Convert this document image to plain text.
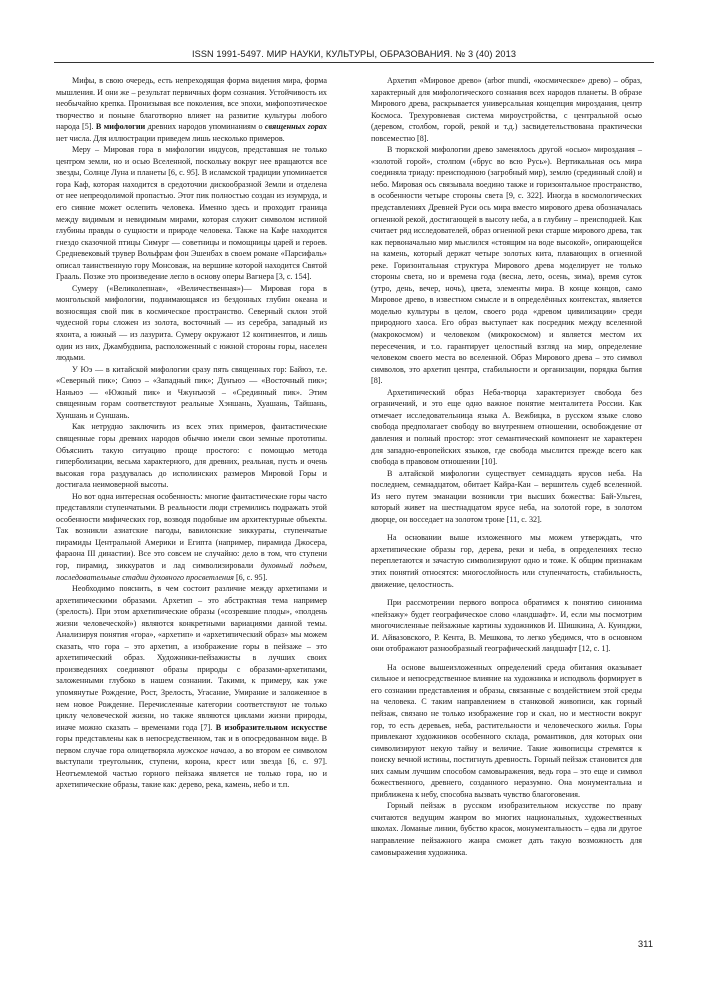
ISSN 1991-5497. МИР НАУКИ, КУЛЬТУРЫ, ОБРАЗОВАНИЯ. № 3 (40) 2013

Мифы, в свою очередь, есть непреходящая форма видения мира, форма мышления. И они же – результат первичных форм сознания. Устойчивость их необычайно крепка. Пронизывая все поколения, все эпохи, мифопоэтическое творчество и поныне благотворно влияет на развитие культуры любого народа [5]. В мифологии древних народов упоминаниям о священных горах нет числа. Для иллюстрации приведем лишь несколько примеров.

Меру – Мировая гора в мифологии индусов, представшая не только центром земли, но и осью Вселенной, поскольку вокруг нее вращаются все звезды, Солнце Луна и планеты [6, с. 95]. В исламской традиции упоминается гора Каф, которая находится в средоточии дискообразной Земли и отделена от нее непреодолимой пропастью. Этот пик полностью создан из изумруда, и его сияние может ослепить человека. Именно здесь и проходит граница между видимым и невидимым мирами, которая служит символом истиной глубины правды о сущности и природе человека. Также на Кафе находится гнездо сказочной птицы Симург — советницы и помощницы царей и героев. Средневековый трувер Вольфрам фон Эшенбах в своем романе «Парсифаль» описал таинственную гору Монсоваж, на вершине которой находится Святой Грааль. Позже это произведение легло в основу оперы Вагнера [3, с. 154].

Сумеру («Великолепная», «Величественная»)— Мировая гора в монгольской мифологии, поднимающаяся из бездонных глубин океана и возносящая свой пик в космическое пространство. Северный склон этой чудесной горы сложен из золота, восточный — из серебра, западный из яхонта, а южный — из лазурита. Сумеру окружают 12 континентов, и лишь один из них, Джамбудвипа, расположенный с южной стороны горы, населен людьми.

У Юэ — в китайской мифологии сразу пять священных гор: Байюэ, т.е. «Северный пик»; Сиюэ – «Западный пик»; Дунъюэ — «Восточный пик»; Наньюэ — «Южный пик» и Чжунъюэй – «Срединный пик». Этим священным горам соответствуют реальные Хэншань, Хуашань, Тайшань, Хуншань и Суншань.

Как нетрудно заключить из всех этих примеров, фантастические священные горы древних народов обычно имели свои земные прототипы. Объяснить такую ситуацию проще простого: с помощью метода гиперболизации, весьма характерного, для древних, реальная, пусть и очень высокая гора раздувалась до исполинских размеров Мировой Горы и достигала неимоверной высоты.

Но вот одна интересная особенность: многие фантастические горы часто представляли ступенчатыми. В реальности люди стремились подражать этой особенности мифических гор, возводя подобные им архитектурные объекты. Так возникли азиатские пагоды, вавилонские зиккураты, ступенчатые пирамиды Центральной Америки и Египта (например, пирамида Джосера, фараона III династии). Все это совсем не случайно: дело в том, что ступени гор, пирамид, зиккуратов и лад символизировали духовный подъем, последовательные стадии духовного просветления [6, с. 95].

Необходимо пояснить, в чем состоит различие между архетипами и архетипическими образами. Архетип – это абстрактная тема например (зрелость). При этом архетипические образы («созревшие плоды», «полдень жизни человеческой») являются конкретными вариациями данной темы. Анализируя понятия «гора», «архетип» и «архетипический образ» мы можем сказать, что гора – это архетип, а изображение горы в пейзаже – это архетипический образ. Художники-пейзажисты в лучших своих произведениях соединяют образы природы с образами-архетипами, заложенными глубоко в нашем сознании. Такими, к примеру, как уже упомянутые Рождение, Рост, Зрелость, Угасание, Умирание и заложенное в нем новое Рождение. Перечисленные категории соответствуют не только циклу человеческой жизни, но также являются циклами жизни природы, иначе можно сказать – временами года [7]. В изобразительном искусстве горы представлены как в непосредственном, так и в опосредованном виде. В первом случае гора олицетворяла мужское начало, а во втором ее символом выступали треугольник, ступени, корона, крест или звезда [6, с. 97]. Неотъемлемой частью горного пейзажа является не только гора, но и архетипические образы, такие как: дерево, река, камень, небо и т.п.

Архетип «Мировое древо» (arbor mundi, «космическое» древо) – образ, характерный для мифологического сознания всех народов планеты. В образе Мирового древа, раскрывается универсальная концепция мироздания, центр Космоса. Трехуровневая система мироустройства, с центральной осью (деревом, столбом, горой, рекой и т.д.) засвидетельствована практически повсеместно [8].

В тюркской мифологии древо заменялось другой «осью» мироздания – «золотой горой», столпом («брус во всю Русь»). Вертикальная ось мира соединяла триаду: преисподнюю (загробный мир), землю (срединный слой) и небо. Мировая ось связывала воедино также и горизонтальное пространство, в особенности четыре стороны света [9, с. 322]. Иногда в космологических представлениях Древней Руси ось мира вместо мирового древа обозначалась огненной рекой, достигающей в высоту неба, а в глубину – преисподней. Как считает ряд исследователей, образ огненной реки старше мирового древа, так как первоначально мир мыслился «стоящим на воде высокой», опирающейся на камень, который держат четыре золотых кита, плавающих в огненной реке. Горизонтальная структура Мирового древа моделирует не только стороны света, но и времена года (весна, лето, осень, зима), время суток (утро, день, вечер, ночь), цвета, элементы мира. В конце концов, само Мировое древо, в известном смысле и в определённых контекстах, является моделью культуры в целом, своего рода «древом цивилизации» среди природного хаоса. Его образ выступает как посредник между вселенной (макрокосмом) и человеком (микрокосмом) и является местом их пересечения, и т.о. гарантирует целостный взгляд на мир, определение человеком своего места во вселенной. Образ Мирового древа – это символ символов, это архетип центра, стабильности и организации, порядка бытия [8].

Архетипический образ Неба-творца характеризует свобода без ограничений, и это еще одно важное понятие менталитета России. Как отмечает исследовательница языка А. Вежбицка, в русском языке слово свобода предполагает свободу во внутреннем отношении, освобождение от давления и полный простор: этот семантический компонент не характерен для западно-европейских языков, где свобода мыслится прежде всего как свобода в правовом отношении [10].

В алтайской мифологии существует семнадцать ярусов неба. На последнем, семнадцатом, обитает Кайра-Кан – вершитель судеб вселенной. Из него путем эманации возникли три высших божества: Бай-Ульген, который живет на шестнадцатом ярусе неба, на золотой горе, в золотом дворце, он восседает на золотом троне [11, с. 32].

На основании выше изложенного мы можем утверждать, что архетипические образы гор, дерева, реки и неба, в определениях тесно переплетаются и зачастую символизируют одно и тоже. К общим признакам этих понятий относятся: многослойность или ступенчатость, стабильность, движение, целостность.

При рассмотрении первого вопроса обратимся к понятию синонима «пейзажу» будет географическое слово «ландшафт». И, если мы посмотрим многочисленные пейзажные картины художников И. Шишкина, А. Куинджи, И. Айвазовского, Р. Кента, В. Мешкова, то легко убедимся, что в основном они отображают разнообразный географический ландшафт [12, с. 1].

На основе вышеизложенных определений среда обитания оказывает сильное и непосредственное влияние на художника и исподволь формирует в его сознании представления и образы, связанные с воздействием этой среды на человека. С таким направлением в станковой живописи, как горный пейзаж, связано не только изображение гор и скал, но и местности вокруг гор, то есть деревьев, неба, растительности и человеческого жилья. Горы привлекают художников особенного склада, романтиков, для которых они символизируют некую тайну и величие. Такие живописцы стремятся к поиску вечной истины, постигнуть древность. Горный пейзаж становится для них самым лучшим способом самовыражения, ведь гора – это еще и символ божественного, древнего, созданного неразумно. Она монументальна и приближена к небу, способна вызвать чувство благоговения.

Горный пейзаж в русском изобразительном искусстве по праву считаются ведущим жанром во многих национальных, художественных школах. Ломаные линии, бубство красок, монументальность – едва ли другое направление пейзажного жанра сможет дать такую возможность для самовыражения художника.

311
